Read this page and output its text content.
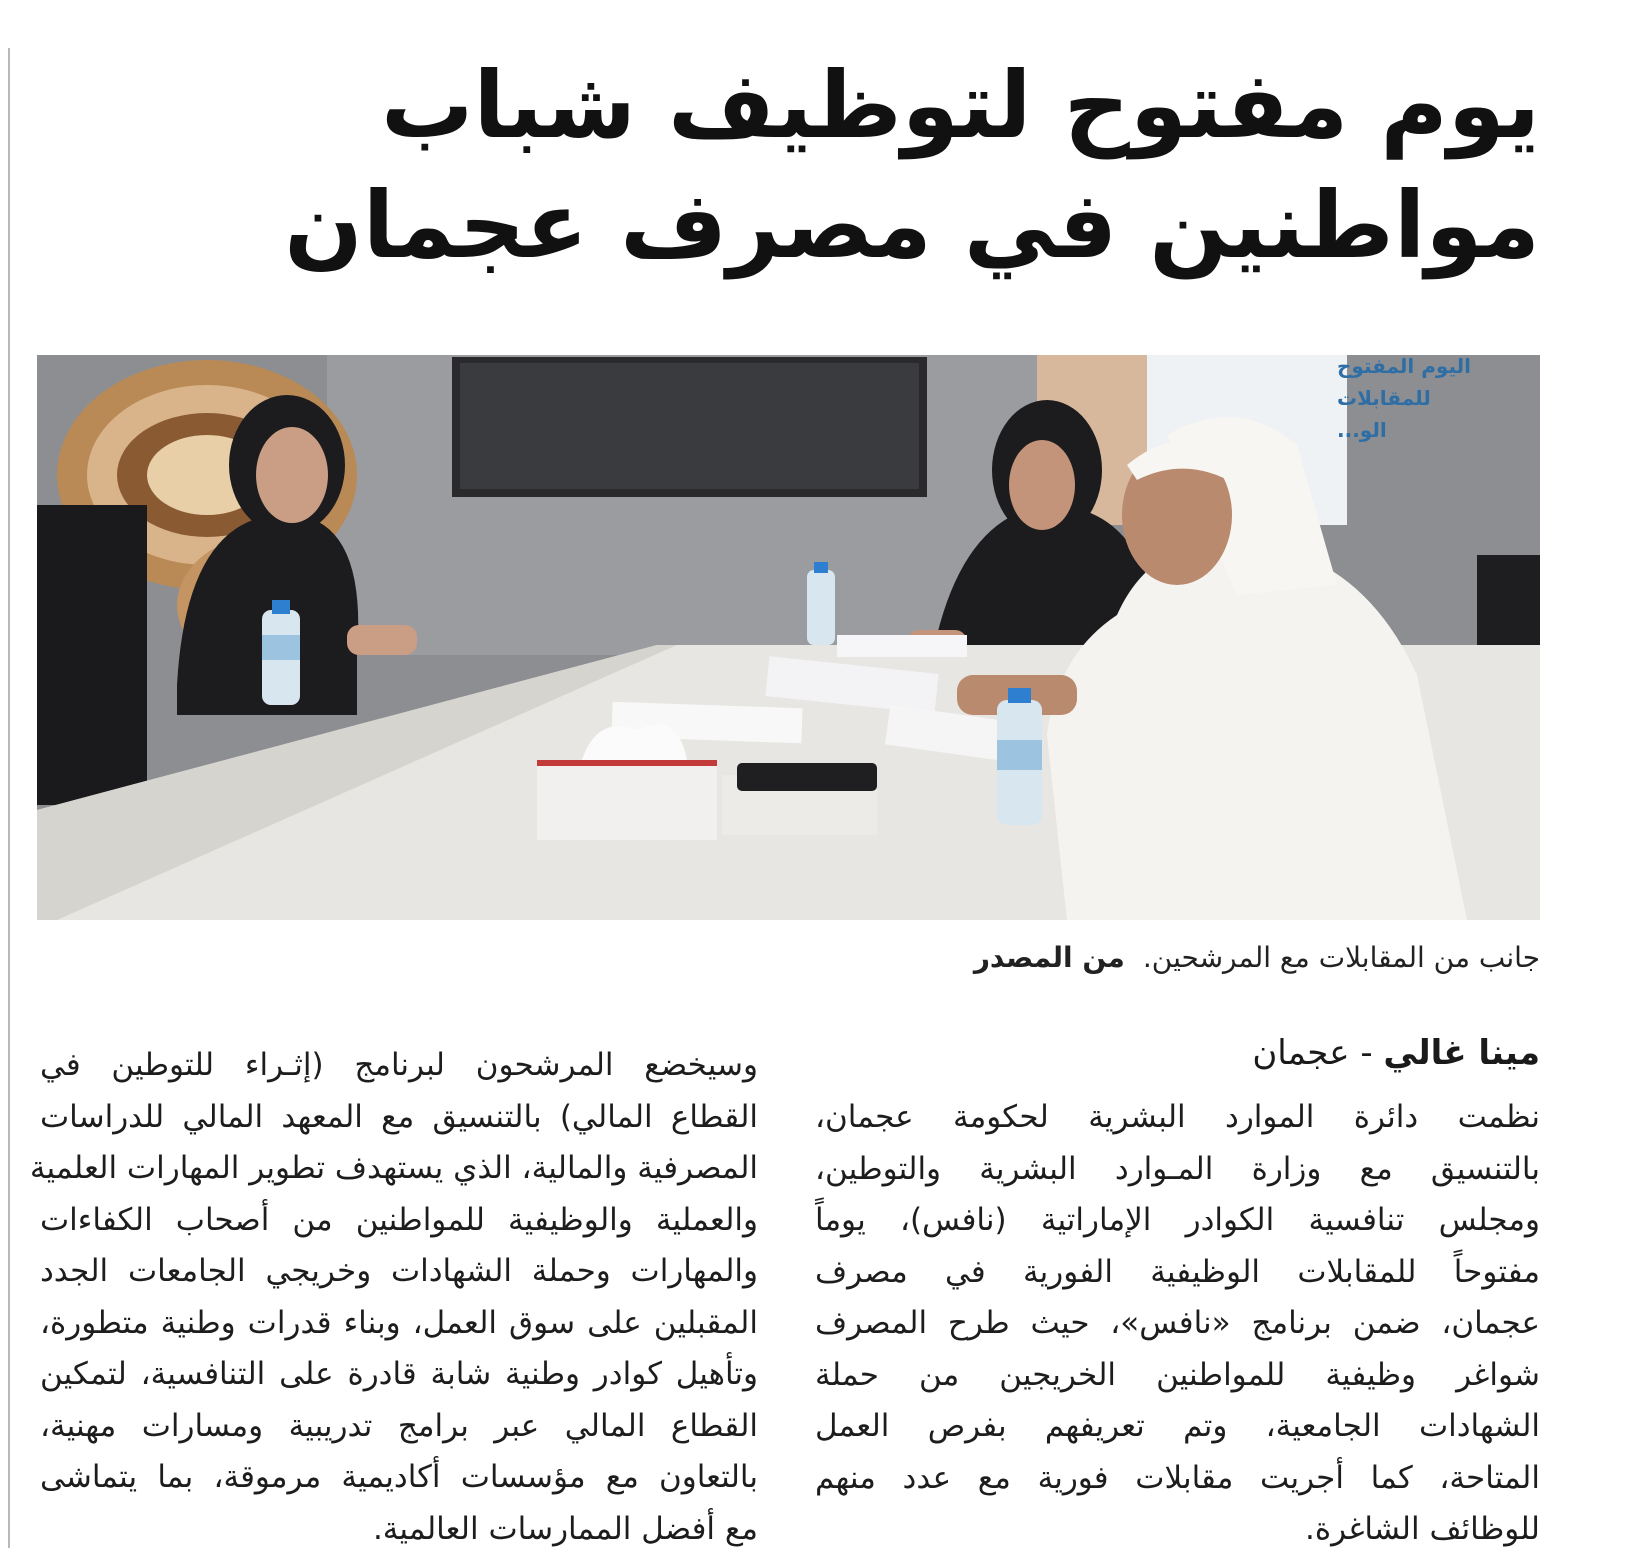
يوم مفتوح لتوظيف شباب
مواطنين في مصرف عجمان
اليوم المفتوح
للمقابلات
الو...
جانب من المقابلات مع المرشحين.من المصدر
مينا غالي - عجمان
نظمت دائرة الموارد البشرية لحكومة عجمان،
بالتنسيق مع وزارة المـوارد البشرية والتوطين،
ومجلس تنافسية الكوادر الإماراتية (نافس)، يوماً
مفتوحاً للمقابلات الوظيفية الفورية في مصرف
عجمان، ضمن برنامج «نافس»، حيث طرح المصرف
شواغر وظيفية للمواطنين الخريجين من حملة
الشهادات الجامعية، وتم تعريفهم بفرص العمل
المتاحة، كما أجريت مقابلات فورية مع عدد منهم
للوظائف الشاغرة.
وسيخضع المرشحون لبرنامج (إثـراء للتوطين في
القطاع المالي) بالتنسيق مع المعهد المالي للدراسات
المصرفية والمالية، الذي يستهدف تطوير المهارات العلمية
والعملية والوظيفية للمواطنين من أصحاب الكفاءات
والمهارات وحملة الشهادات وخريجي الجامعات الجدد
المقبلين على سوق العمل، وبناء قدرات وطنية متطورة،
وتأهيل كوادر وطنية شابة قادرة على التنافسية، لتمكين
القطاع المالي عبر برامج تدريبية ومسارات مهنية،
بالتعاون مع مؤسسات أكاديمية مرموقة، بما يتماشى
مع أفضل الممارسات العالمية.
